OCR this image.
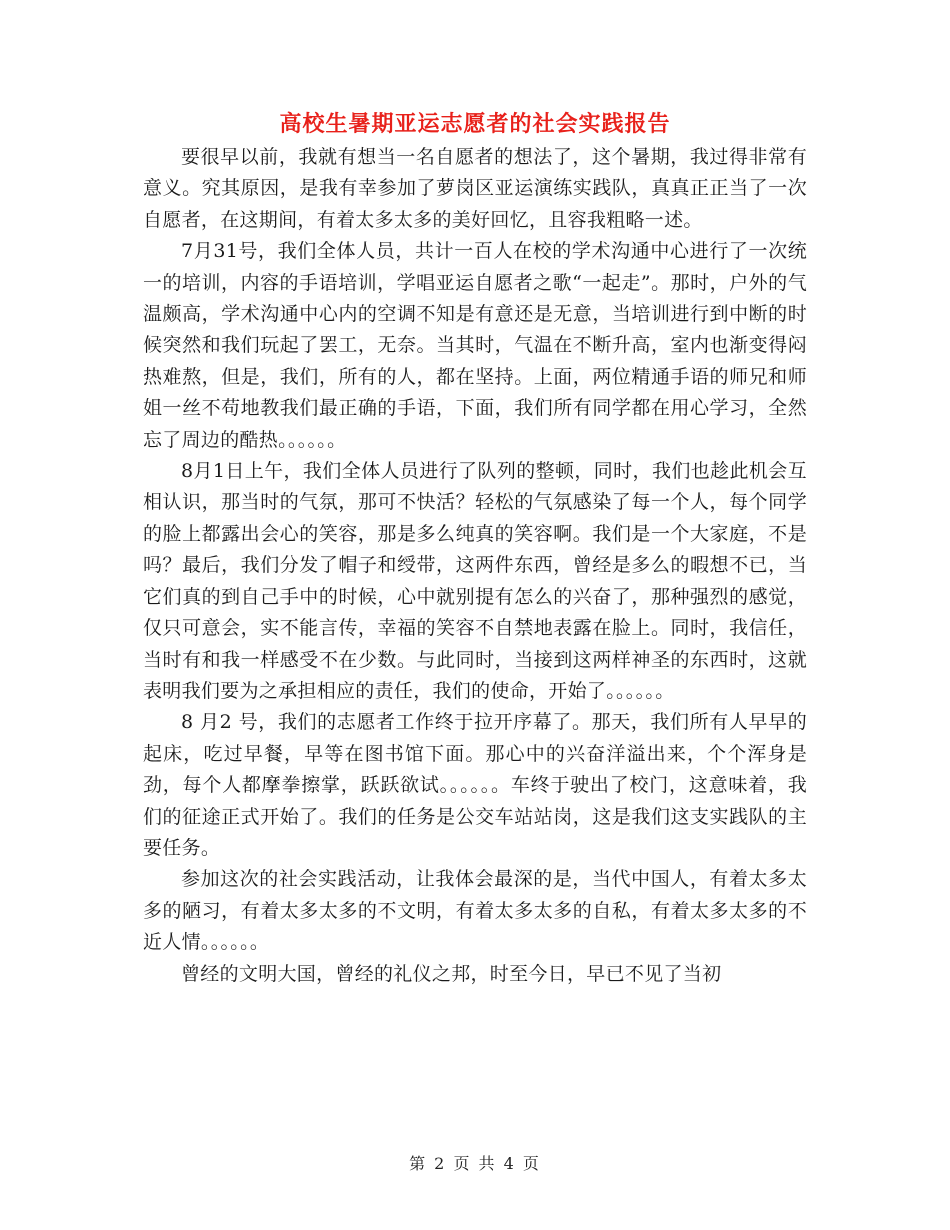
高校生暑期亚运志愿者的社会实践报告

要很早以前，我就有想当一名自愿者的想法了，这个暑期，我过得非常有意义。究其原因，是我有幸参加了萝岗区亚运演练实践队，真真正正当了一次自愿者，在这期间，有着太多太多的美好回忆，且容我粗略一述。

7月31号，我们全体人员，共计一百人在校的学术沟通中心进行了一次统一的培训，内容的手语培训，学唱亚运自愿者之歌“一起走”。那时，户外的气温颇高，学术沟通中心内的空调不知是有意还是无意，当培训进行到中断的时候突然和我们玩起了罢工，无奈。当其时，气温在不断升高，室内也渐变得闷热难熬，但是，我们，所有的人，都在坚持。上面，两位精通手语的师兄和师姐一丝不苟地教我们最正确的手语，下面，我们所有同学都在用心学习，全然忘了周边的酷热。。。。。。

8月1日上午，我们全体人员进行了队列的整顿，同时，我们也趁此机会互相认识，那当时的气氛，那可不快活？轻松的气氛感染了每一个人，每个同学的脸上都露出会心的笑容，那是多么纯真的笑容啊。我们是一个大家庭，不是吗？最后，我们分发了帽子和绶带，这两件东西，曾经是多么的暇想不已，当它们真的到自己手中的时候，心中就别提有怎么的兴奋了，那种强烈的感觉，仅只可意会，实不能言传，幸福的笑容不自禁地表露在脸上。同时，我信任，当时有和我一样感受不在少数。与此同时，当接到这两样神圣的东西时，这就表明我们要为之承担相应的责任，我们的使命，开始了。。。。。。

8 月2 号，我们的志愿者工作终于拉开序幕了。那天，我们所有人早早的起床，吃过早餐，早等在图书馆下面。那心中的兴奋洋溢出来，个个浑身是劲，每个人都摩拳擦掌，跃跃欲试。。。。。。车终于驶出了校门，这意味着，我们的征途正式开始了。我们的任务是公交车站站岗，这是我们这支实践队的主要任务。

参加这次的社会实践活动，让我体会最深的是，当代中国人，有着太多太多的陋习，有着太多太多的不文明，有着太多太多的自私，有着太多太多的不近人情。。。。。。

曾经的文明大国，曾经的礼仪之邦，时至今日，早已不见了当初

第 2 页 共 4 页
